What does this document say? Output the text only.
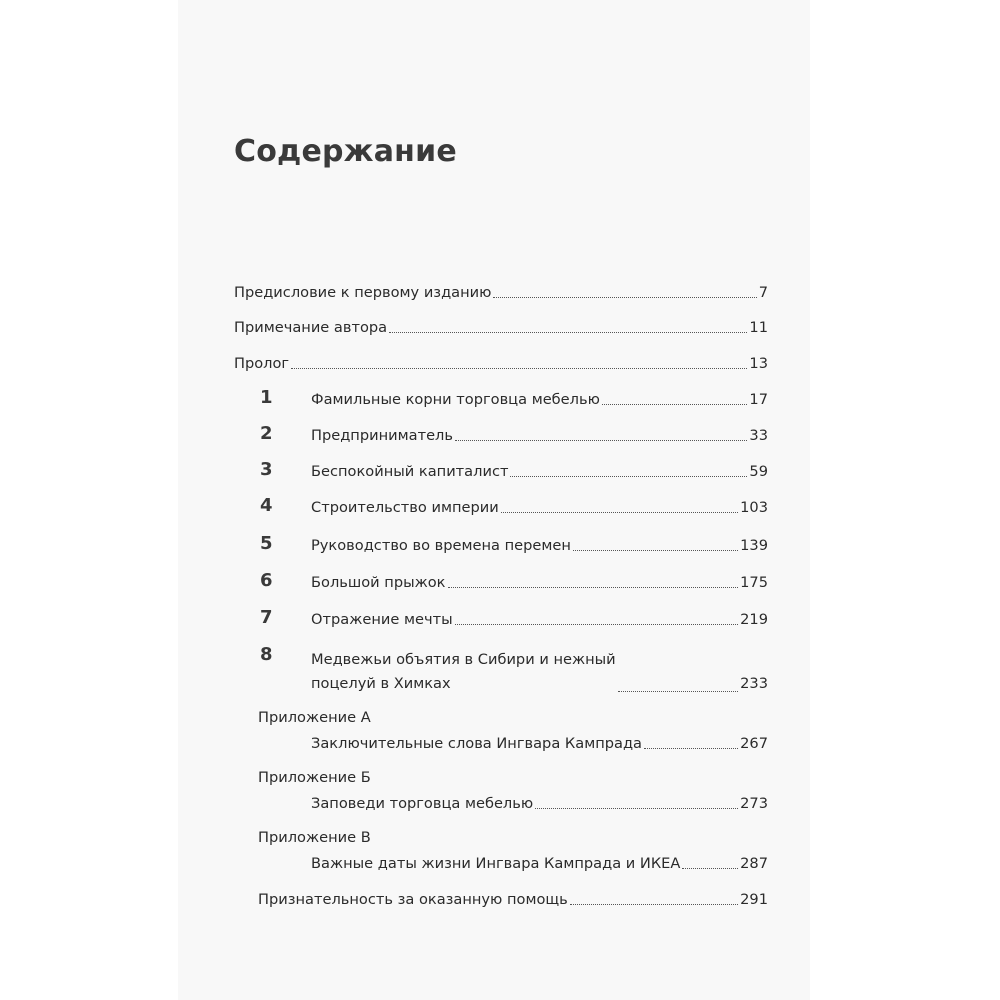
Содержание
Предисловие к первому изданию	7
Примечание автора	11
Пролог	13
1	Фамильные корни торговца мебелью	17
2	Предприниматель	33
3	Беспокойный капиталист	59
4	Строительство империи	103
5	Руководство во времена перемен	139
6	Большой прыжок	175
7	Отражение мечты	219
8	Медвежьи объятия в Сибири и нежный
поцелуй в Химках	233
Приложение А
Заключительные слова Ингвара Кампрада	267
Приложение Б
Заповеди торговца мебелью	273
Приложение В
Важные даты жизни Ингвара Кампрада и ИКЕА	287
Признательность за оказанную помощь	291
